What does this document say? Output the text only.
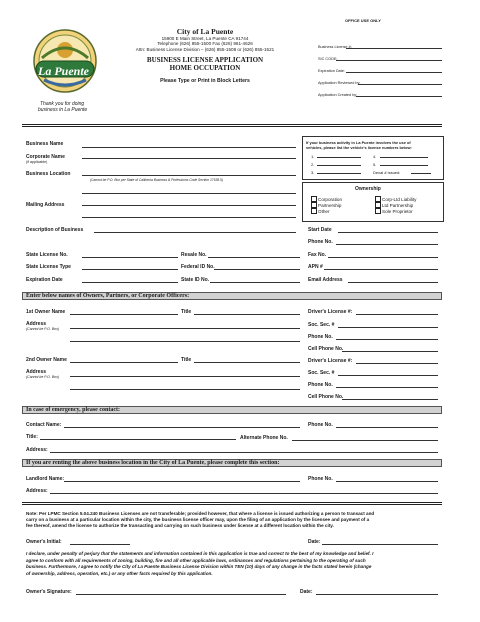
La Puente
Thank you for doing
business in La Puente
City of La Puente
15900 E Main Street, La Puente CA 91744
Telephone (626) 855-1500 Fax (626) 961-4626
Attn: Business License Division – (626) 855-1508 or (626) 855-1521
BUSINESS LICENSE APPLICATION
HOME OCCUPATION
Please Type or Print in Block Letters
OFFICE USE ONLY
Business License #:
SIC CODE:
Expiration Date:
Application Reviewed by:
Application Created by:
Business Name
Corporate Name
(if applicable)
Business Location
(Cannot be P.O. Box per State of California Business & Professions Code Section 17538.5)
Mailing Address
Description of Business
If your business activity in La Puente involves the use of
vehicles, please list the vehicle's license numbers below:
1.
2.
3.
4.
5.
Decal # issued:
Ownership
Corporation
Partnership
Other
Corp-Ltd Liability
Ltd Partnership
Sole Proprietor
Start Date
Phone No.
State License No.	Resale No.	Fax No.
State License Type	Federal ID No.	APN #
Expiration Date	State ID No.	Email Address
Enter below names of Owners, Partners, or Corporate Officers:
1st Owner Name	Title	Driver's License #:
Address
(Cannot be P.O. Box)
Soc. Sec. #
Phone No.
Cell Phone No.
2nd Owner Name	Title	Driver's License #:
Address
(Cannot be P.O. Box)
Soc. Sec. #
Phone No.
Cell Phone No.
In case of emergency, please contact:
Contact Name:	Phone No.
Title:	Alternate Phone No.
Address:
If you are renting the above business location in the City of La Puente, please complete this section:
Landlord Name:	Phone No.
Address:
Note: Per LPMC Section 5.04.240 Business Licenses are not transferable; provided however, that where a license is issued authorizing a person to transact and
carry on a business at a particular location within the city, the business license officer may, upon the filing of an application by the licensee and payment of a
fee thereof, amend the license to authorize the transacting and carrying on such business under license at a different location within the city.
Owner's Initial:	Date:
I declare, under penalty of perjury that the statements and information contained in this application is true and correct to the best of my knowledge and belief. I
agree to conform with all requirements of zoning, building, fire and all other applicable laws, ordinances and regulations pertaining to the operating of such
business. Furthermore, I agree to notify the City of La Puente Business License Division within TEN (10) days of any change in the facts stated herein (change
of ownership, address, operation, etc.) or any other facts required by this application.
Owner's Signature:	Date:
